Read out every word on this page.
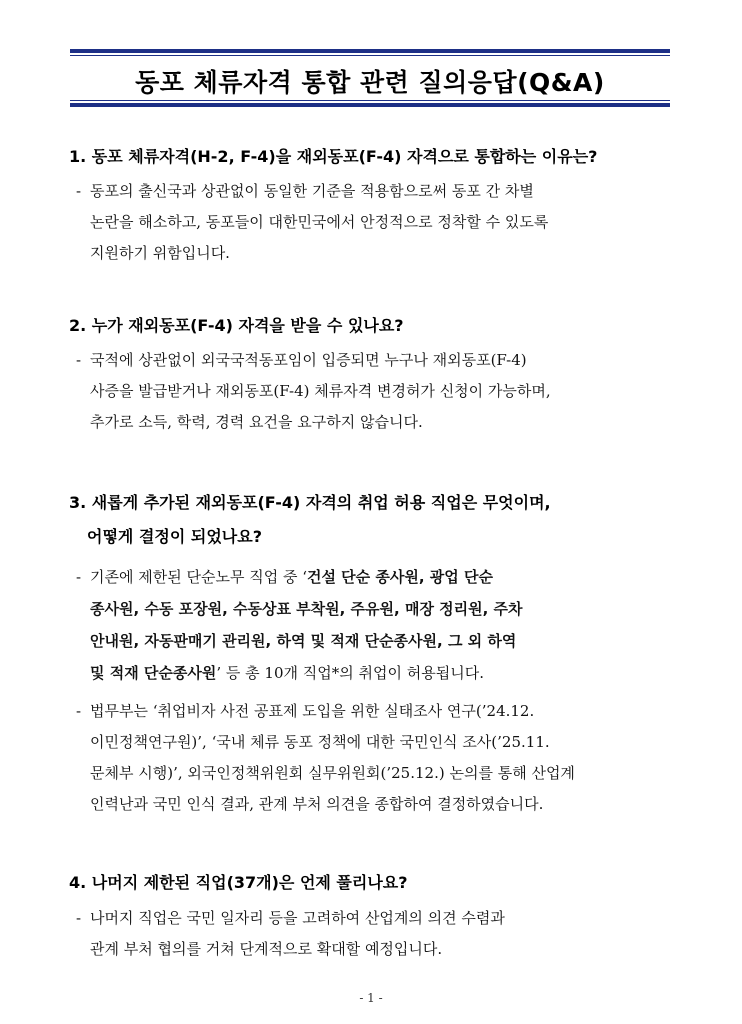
동포 체류자격 통합 관련 질의응답(Q&A)
1. 동포 체류자격(H-2, F-4)을 재외동포(F-4) 자격으로 통합하는 이유는?
- 동포의 출신국과 상관없이 동일한 기준을 적용함으로써 동포 간 차별
논란을 해소하고, 동포들이 대한민국에서 안정적으로 정착할 수 있도록
지원하기 위함입니다.
2. 누가 재외동포(F-4) 자격을 받을 수 있나요?
- 국적에 상관없이 외국국적동포임이 입증되면 누구나 재외동포(F-4)
사증을 발급받거나 재외동포(F-4) 체류자격 변경허가 신청이 가능하며,
추가로 소득, 학력, 경력 요건을 요구하지 않습니다.
3. 새롭게 추가된 재외동포(F-4) 자격의 취업 허용 직업은 무엇이며,
어떻게 결정이 되었나요?
- 기존에 제한된 단순노무 직업 중 ‘건설 단순 종사원, 광업 단순
종사원, 수동 포장원, 수동상표 부착원, 주유원, 매장 정리원, 주차
안내원, 자동판매기 관리원, 하역 및 적재 단순종사원, 그 외 하역
및 적재 단순종사원’ 등 총 10개 직업*의 취업이 허용됩니다.
- 법무부는 ‘취업비자 사전 공표제 도입을 위한 실태조사 연구(’24.12.
이민정책연구원)’, ‘국내 체류 동포 정책에 대한 국민인식 조사(’25.11.
문체부 시행)’, 외국인정책위원회 실무위원회(’25.12.) 논의를 통해 산업계
인력난과 국민 인식 결과, 관계 부처 의견을 종합하여 결정하였습니다.
4. 나머지 제한된 직업(37개)은 언제 풀리나요?
- 나머지 직업은 국민 일자리 등을 고려하여 산업계의 의견 수렴과
관계 부처 협의를 거쳐 단계적으로 확대할 예정입니다.
- 1 -
